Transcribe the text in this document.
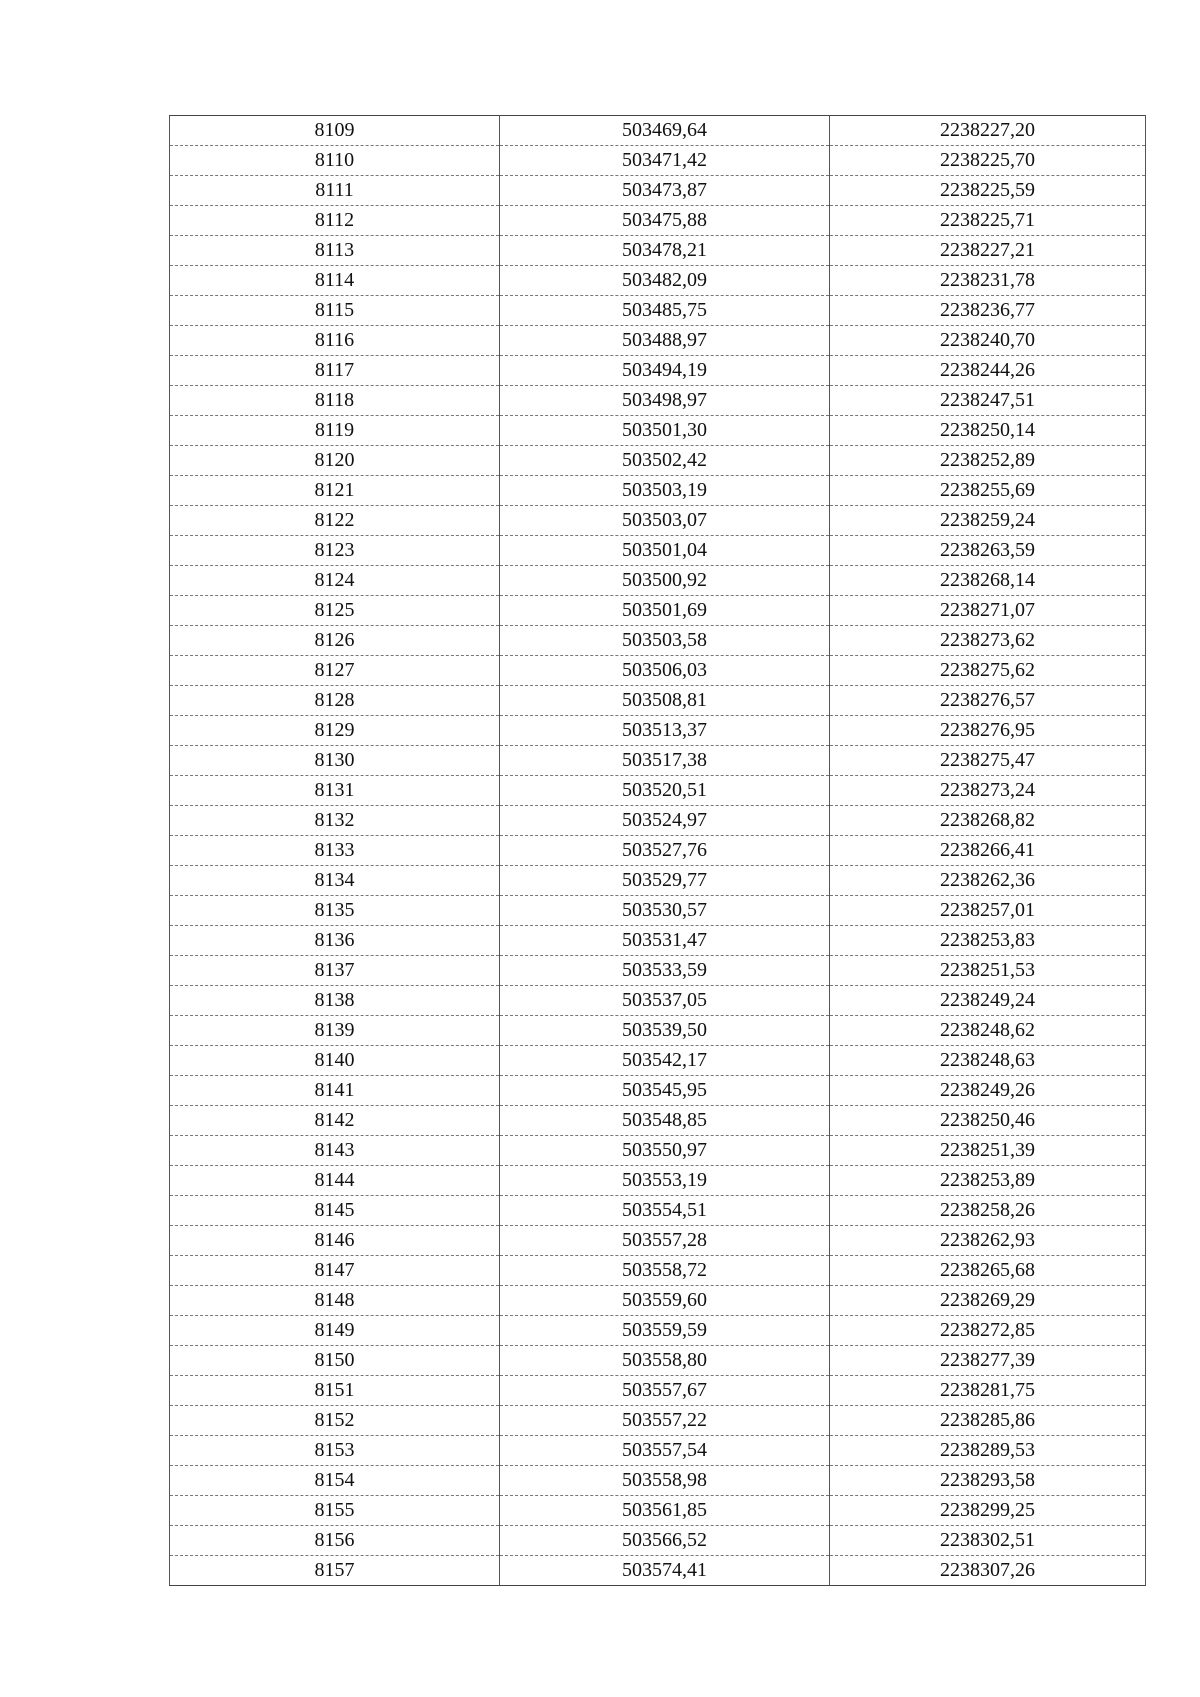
8109	503469,64	2238227,20
8110	503471,42	2238225,70
8111	503473,87	2238225,59
8112	503475,88	2238225,71
8113	503478,21	2238227,21
8114	503482,09	2238231,78
8115	503485,75	2238236,77
8116	503488,97	2238240,70
8117	503494,19	2238244,26
8118	503498,97	2238247,51
8119	503501,30	2238250,14
8120	503502,42	2238252,89
8121	503503,19	2238255,69
8122	503503,07	2238259,24
8123	503501,04	2238263,59
8124	503500,92	2238268,14
8125	503501,69	2238271,07
8126	503503,58	2238273,62
8127	503506,03	2238275,62
8128	503508,81	2238276,57
8129	503513,37	2238276,95
8130	503517,38	2238275,47
8131	503520,51	2238273,24
8132	503524,97	2238268,82
8133	503527,76	2238266,41
8134	503529,77	2238262,36
8135	503530,57	2238257,01
8136	503531,47	2238253,83
8137	503533,59	2238251,53
8138	503537,05	2238249,24
8139	503539,50	2238248,62
8140	503542,17	2238248,63
8141	503545,95	2238249,26
8142	503548,85	2238250,46
8143	503550,97	2238251,39
8144	503553,19	2238253,89
8145	503554,51	2238258,26
8146	503557,28	2238262,93
8147	503558,72	2238265,68
8148	503559,60	2238269,29
8149	503559,59	2238272,85
8150	503558,80	2238277,39
8151	503557,67	2238281,75
8152	503557,22	2238285,86
8153	503557,54	2238289,53
8154	503558,98	2238293,58
8155	503561,85	2238299,25
8156	503566,52	2238302,51
8157	503574,41	2238307,26
